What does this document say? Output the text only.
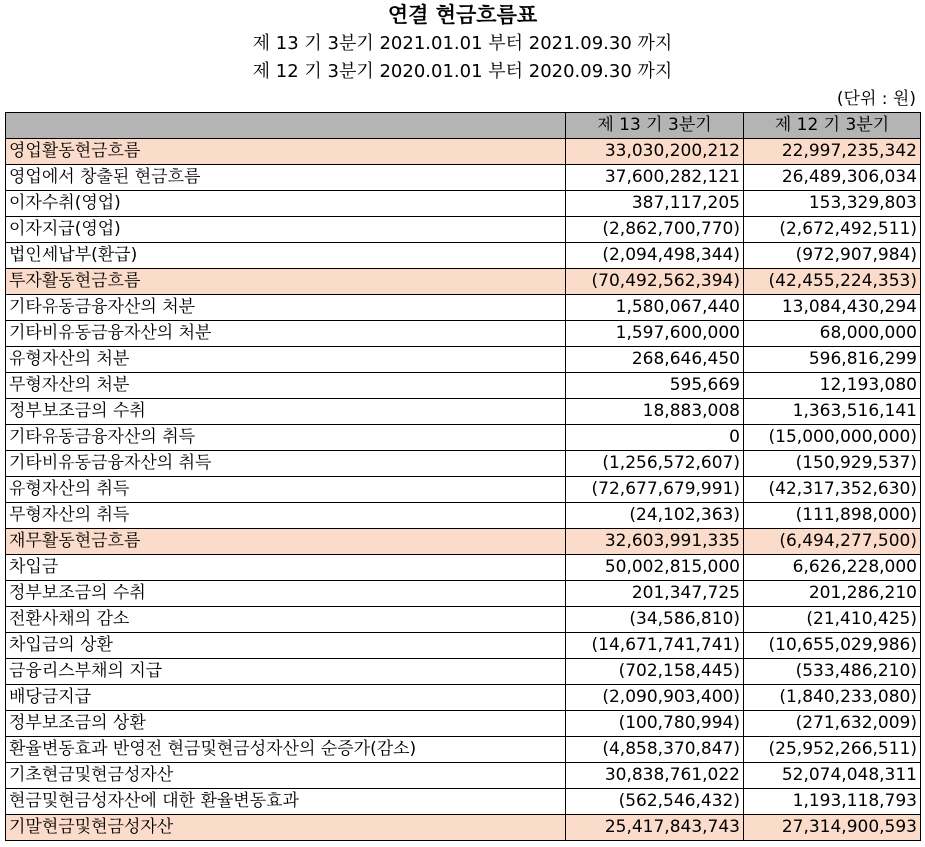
연결 현금흐름표
제 13 기 3분기 2021.01.01 부터 2021.09.30 까지
제 12 기 3분기 2020.01.01 부터 2020.09.30 까지
(단위 : 원)
	제 13 기 3분기	제 12 기 3분기
영업활동현금흐름	33,030,200,212	22,997,235,342
영업에서 창출된 현금흐름	37,600,282,121	26,489,306,034
이자수취(영업)	387,117,205	153,329,803
이자지급(영업)	(2,862,700,770)	(2,672,492,511)
법인세납부(환급)	(2,094,498,344)	(972,907,984)
투자활동현금흐름	(70,492,562,394)	(42,455,224,353)
기타유동금융자산의 처분	1,580,067,440	13,084,430,294
기타비유동금융자산의 처분	1,597,600,000	68,000,000
유형자산의 처분	268,646,450	596,816,299
무형자산의 처분	595,669	12,193,080
정부보조금의 수취	18,883,008	1,363,516,141
기타유동금융자산의 취득	0	(15,000,000,000)
기타비유동금융자산의 취득	(1,256,572,607)	(150,929,537)
유형자산의 취득	(72,677,679,991)	(42,317,352,630)
무형자산의 취득	(24,102,363)	(111,898,000)
재무활동현금흐름	32,603,991,335	(6,494,277,500)
차입금	50,002,815,000	6,626,228,000
정부보조금의 수취	201,347,725	201,286,210
전환사채의 감소	(34,586,810)	(21,410,425)
차입금의 상환	(14,671,741,741)	(10,655,029,986)
금융리스부채의 지급	(702,158,445)	(533,486,210)
배당금지급	(2,090,903,400)	(1,840,233,080)
정부보조금의 상환	(100,780,994)	(271,632,009)
환율변동효과 반영전 현금및현금성자산의 순증가(감소)	(4,858,370,847)	(25,952,266,511)
기초현금및현금성자산	30,838,761,022	52,074,048,311
현금및현금성자산에 대한 환율변동효과	(562,546,432)	1,193,118,793
기말현금및현금성자산	25,417,843,743	27,314,900,593
